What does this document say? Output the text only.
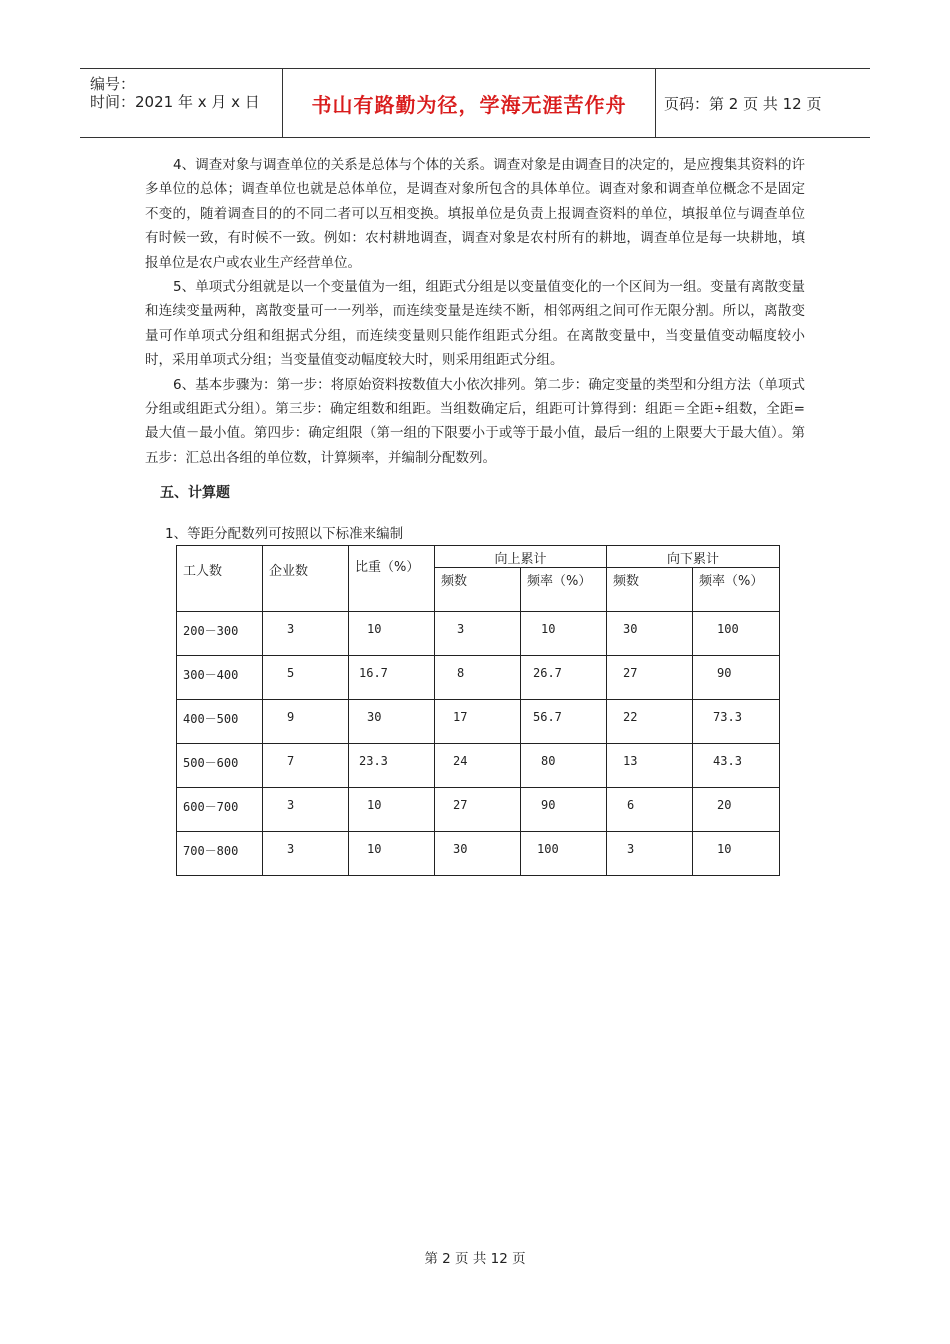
编号：
时间：2021 年 x 月 x 日	书山有路勤为径，学海无涯苦作舟	页码：第 2 页 共 12 页

4、调查对象与调查单位的关系是总体与个体的关系。调查对象是由调查目的决定的，是应搜集其资料的许多单位的总体；调查单位也就是总体单位，是调查对象所包含的具体单位。调查对象和调查单位概念不是固定不变的，随着调查目的的不同二者可以互相变换。填报单位是负责上报调查资料的单位，填报单位与调查单位有时候一致，有时候不一致。例如：农村耕地调查，调查对象是农村所有的耕地，调查单位是每一块耕地，填报单位是农户或农业生产经营单位。

5、单项式分组就是以一个变量值为一组，组距式分组是以变量值变化的一个区间为一组。变量有离散变量和连续变量两种，离散变量可一一列举，而连续变量是连续不断，相邻两组之间可作无限分割。所以，离散变量可作单项式分组和组据式分组，而连续变量则只能作组距式分组。在离散变量中，当变量值变动幅度较小时，采用单项式分组；当变量值变动幅度较大时，则采用组距式分组。

6、基本步骤为：第一步：将原始资料按数值大小依次排列。第二步：确定变量的类型和分组方法（单项式分组或组距式分组）。第三步：确定组数和组距。当组数确定后，组距可计算得到：组距＝全距÷组数，全距=最大值－最小值。第四步：确定组限（第一组的下限要小于或等于最小值，最后一组的上限要大于最大值）。第五步：汇总出各组的单位数，计算频率，并编制分配数列。

五、计算题
1、等距分配数列可按照以下标准来编制
工人数	企业数	比重（%）	向上累计		向下累计	

			频数	频率（%）	频数	频率（%）

200－300	3	10	3	10	30	100

300－400	5	16.7	8	26.7	27	90

400－500	9	30	17	56.7	22	73.3

500－600	7	23.3	24	80	13	43.3

600－700	3	10	27	90	6	20

700－800	3	10	30	100	3	10
第 2 页 共 12 页
